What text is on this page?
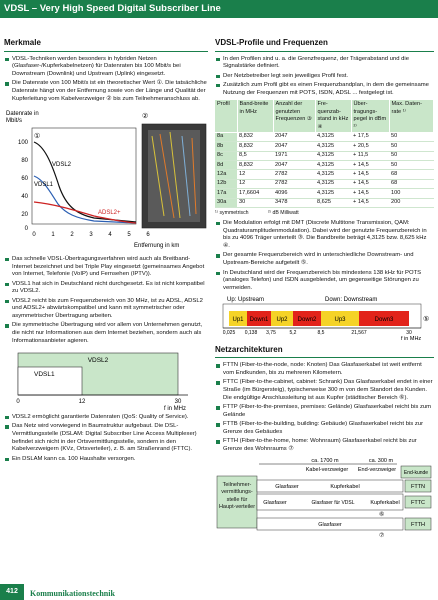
VDSL – Very High Speed Digital Subscriber Line
Merkmale
VDSL-Techniken werden besonders in hybriden Netzen (Glasfaser-/Kupferkabelnetzen) für Datenraten bis 100 Mbit/s bei Downstream (Downlink) und Upstream (Uplink) eingesetzt.
Die Datenrate von 100 Mbit/s ist ein theoretischer Wert ①. Die tatsächliche Datenrate hängt von der Entfernung sowie von der Länge und Qualität der Kupferleitung vom Kabelverzweiger ② bis zum Teilnehmeranschluss ab.
Datenrate in
Mbit/s
①
②
100
80
60
40
20
0
0	1	2	3	4	5	6
Entfernung in km
VDSL2
VDSL1
ADSL2+
Das schnelle VDSL-Übertragungsverfahren wird auch als Breitband-Internet bezeichnet und bei Triple Play eingesetzt (gemeinsames Angebot von Internet, Telefonie (VoIP) und Fernsehen (IPTV)).
VDSL1 hat sich in Deutschland nicht durchgesetzt. Es ist nicht kompatibel zu VDSL2.
VDSL2 reicht bis zum Frequenzbereich von 30 MHz, ist zu ADSL, ADSL2 und ADSL2+ abwärtskompatibel und kann mit symmetrischer oder asymmetrischer Übertragung arbeiten.
Die symmetrische Übertragung wird vor allem von Unternehmen genutzt, die nicht nur Informationen aus dem Internet beziehen, sondern auch als Informationsanbieter agieren.
VDSL2
VDSL1
0	12	30
f in MHz
VDSL2 ermöglicht garantierte Datenraten (QoS: Quality of Service).
Das Netz wird vorwiegend in Baumstruktur aufgebaut. Die DSL-Vermittlungsstelle (DSLAM: Digital Subscriber Line Access Multiplexer) befindet sich nicht in der Ortsvermittlungsstelle, sondern in den Kabelverzweigern (KVz, Ortsverteiler), z. B. am Straßenrand (FTTC).
Ein DSLAM kann ca. 100 Haushalte versorgen.
VDSL-Profile und Frequenzen
In den Profilen sind u. a. die Grenzfrequenz, der Trägerabstand und die Signalstärke definiert.
Der Netzbetreiber legt sein jeweiliges Profil fest.
Zusätzlich zum Profil gibt es einen Frequenzbandplan, in dem die gemeinsame Nutzung der Frequenzen mit POTS, ISDN, ADSL ... festgelegt ist.
Profil	Band-breite in MHz	Anzahl der genutzten Frequenzen ③	Fre-quenzab-stand in kHz ④	Über-tragungs-pegel in dBm ²⁾	Max. Daten-rate ¹⁾
8a	8,832	2047	4,3125	+ 17,5	50
8b	8,832	2047	4,3125	+ 20,5	50
8c	8,5	1971	4,3125	+ 11,5	50
8d	8,832	2047	4,3125	+ 14,5	50
12a	12	2782	4,3125	+ 14,5	68
12b	12	2782	4,3125	+ 14,5	68
17a	17,6604	4096	4,3125	+ 14,5	100
30a	30	3478	8,625	+ 14,5	200
¹⁾ symmetrisch	²⁾ dB Milliwatt
Die Modulation erfolgt mit DMT (Discrete Multitone Transmission, QAM: Quadraturamplitudenmodulation). Dabei wird der genutzte Frequenzbereich in bis zu 4096 Träger unterteilt ③. Die Bandbreite beträgt 4,3125 bzw. 8,625 kHz ④.
Der gesamte Frequenzbereich wird in unterschiedliche Downstream- und Upstream-Bereiche aufgeteilt ⑤.
In Deutschland wird der Frequenzbereich bis mindestens 138 kHz für POTS (analoges Telefon) und ISDN ausgeblendet, um gegenseitige Störungen zu vermeiden.
Up: Upstream	Down: Downstream
Up1 Down1 Up2 Down2	Up3	Down3	⑤
0,025 0,138 3,75	5,2	8,5	21,567	30
f in MHz
Netzarchitekturen
FTTN (Fiber-to-the-node, node: Knoten) Das Glasfaserkabel ist weit entfernt vom Endkunden, bis zu mehreren Kilometern.
FTTC (Fiber-to-the-cabinet, cabinet: Schrank) Das Glasfaserkabel endet in einer Straße (im Bürgersteig), typischerweise 300 m von dem Standort des Kunden. Die endgültige Anschlussleitung ist aus Kupfer (städtischer Bereich ⑥).
FTTP (Fiber-to-the-premises, premises: Gelände) Glasfaserkabel reicht bis zum Gelände
FTTB (Fiber-to-the-building, building: Gebäude) Glasfaserkabel reicht bis zur Grenze des Gebäudes
FTTH (Fiber-to-the-home, home: Wohnraum) Glasfaserkabel reicht bis zur Grenze des Wohnraums ⑦
ca. 1700 m	ca. 300 m
Kabel-verzweiger End-verzweiger End-kunde
Teilnehmer-vermittlungs-stelle für Haupt-verteiler
Glasfaser	Kupferkabel	FTTN
Glasfaser	Glasfaser für VDSL	Kupferkabel FTTC
⑥
Glasfaser	FTTH
⑦
412	Kommunikationstechnik
